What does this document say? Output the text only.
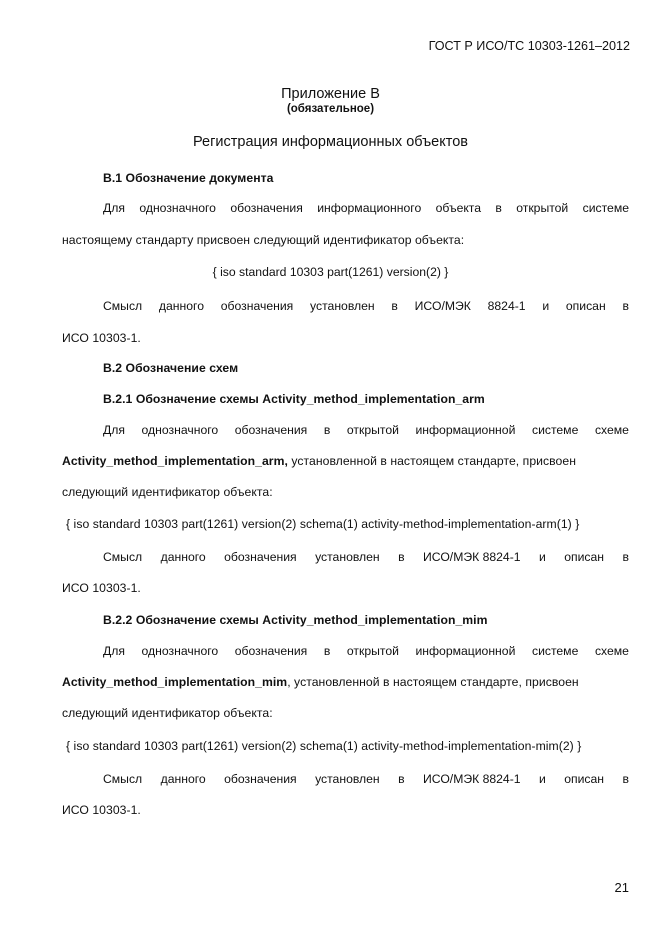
ГОСТ Р ИСО/ТС 10303-1261–2012
Приложение В
(обязательное)
Регистрация информационных объектов
В.1 Обозначение документа
Для однозначного обозначения информационного объекта в открытой системе
настоящему стандарту присвоен следующий идентификатор объекта:
{ iso standard 10303 part(1261) version(2) }
Смысл данного обозначения установлен в ИСО/МЭК 8824-1 и описан в
ИСО 10303-1.
В.2 Обозначение схем
В.2.1 Обозначение схемы Activity_method_implementation_arm
Для однозначного обозначения в открытой информационной системе схеме
Activity_method_implementation_arm, установленной в настоящем стандарте, присвоен
следующий идентификатор объекта:
{ iso standard 10303 part(1261) version(2) schema(1) activity-method-implementation-arm(1) }
Смысл данного обозначения установлен в ИСО/МЭК 8824-1 и описан в
ИСО 10303-1.
В.2.2 Обозначение схемы Activity_method_implementation_mim
Для однозначного обозначения в открытой информационной системе схеме
Activity_method_implementation_mim, установленной в настоящем стандарте, присвоен
следующий идентификатор объекта:
{ iso standard 10303 part(1261) version(2) schema(1) activity-method-implementation-mim(2) }
Смысл данного обозначения установлен в ИСО/МЭК 8824-1 и описан в
ИСО 10303-1.
21
